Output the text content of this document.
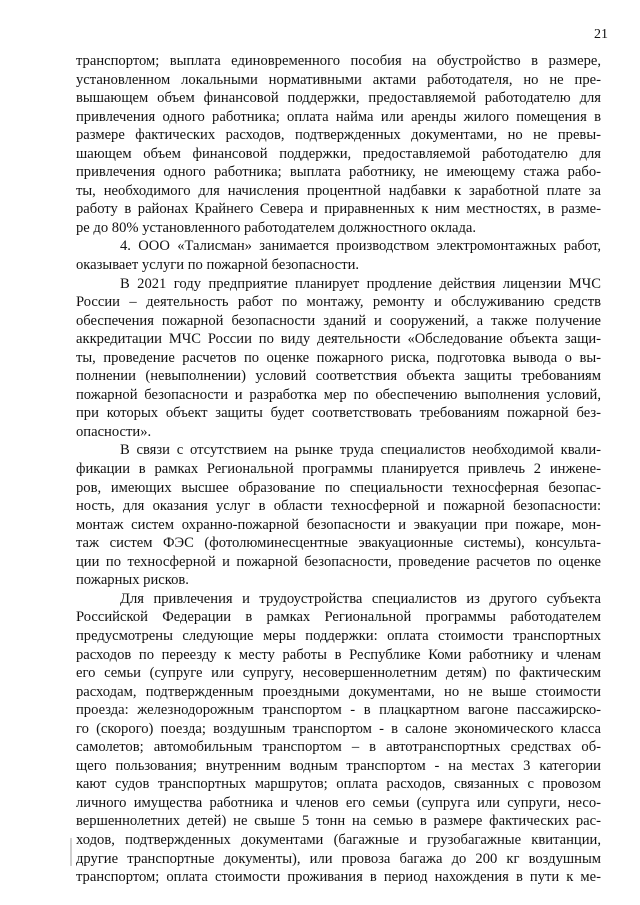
21
транспортом; выплата единовременного пособия на обустройство в размере,
установленном локальными нормативными актами работодателя, но не пре-
вышающем объем финансовой поддержки, предоставляемой работодателю для
привлечения одного работника; оплата найма или аренды жилого помещения в
размере фактических расходов, подтвержденных документами, но не превы-
шающем объем финансовой поддержки, предоставляемой работодателю для
привлечения одного работника; выплата работнику, не имеющему стажа рабо-
ты, необходимого для начисления процентной надбавки к заработной плате за
работу в районах Крайнего Севера и приравненных к ним местностях, в разме-
ре до 80% установленного работодателем должностного оклада.
4. ООО «Талисман» занимается производством электромонтажных работ,
оказывает услуги по пожарной безопасности.
В 2021 году предприятие планирует продление действия лицензии МЧС
России – деятельность работ по монтажу, ремонту и обслуживанию средств
обеспечения пожарной безопасности зданий и сооружений, а также получение
аккредитации МЧС России по виду деятельности «Обследование объекта защи-
ты, проведение расчетов по оценке пожарного риска, подготовка вывода о вы-
полнении (невыполнении) условий соответствия объекта защиты требованиям
пожарной безопасности и разработка мер по обеспечению выполнения условий,
при которых объект защиты будет соответствовать требованиям пожарной без-
опасности».
В связи с отсутствием на рынке труда специалистов необходимой квали-
фикации в рамках Региональной программы планируется привлечь 2 инжене-
ров, имеющих высшее образование по специальности техносферная безопас-
ность, для оказания услуг в области техносферной и пожарной безопасности:
монтаж систем охранно-пожарной безопасности и эвакуации при пожаре, мон-
таж систем ФЭС (фотолюминесцентные эвакуационные системы), консульта-
ции по техносферной и пожарной безопасности, проведение расчетов по оценке
пожарных рисков.
Для привлечения и трудоустройства специалистов из другого субъекта
Российской Федерации в рамках Региональной программы работодателем
предусмотрены следующие меры поддержки: оплата стоимости транспортных
расходов по переезду к месту работы в Республике Коми работнику и членам
его семьи (супруге или супругу, несовершеннолетним детям) по фактическим
расходам, подтвержденным проездными документами, но не выше стоимости
проезда: железнодорожным транспортом - в плацкартном вагоне пассажирско-
го (скорого) поезда; воздушным транспортом - в салоне экономического класса
самолетов; автомобильным транспортом – в автотранспортных средствах об-
щего пользования; внутренним водным транспортом - на местах 3 категории
кают судов транспортных маршрутов; оплата расходов, связанных с провозом
личного имущества работника и членов его семьи (супруга или супруги, несо-
вершеннолетних детей) не свыше 5 тонн на семью в размере фактических рас-
ходов, подтвержденных документами (багажные и грузобагажные квитанции,
другие транспортные документы), или провоза багажа до 200 кг воздушным
транспортом; оплата стоимости проживания в период нахождения в пути к ме-
